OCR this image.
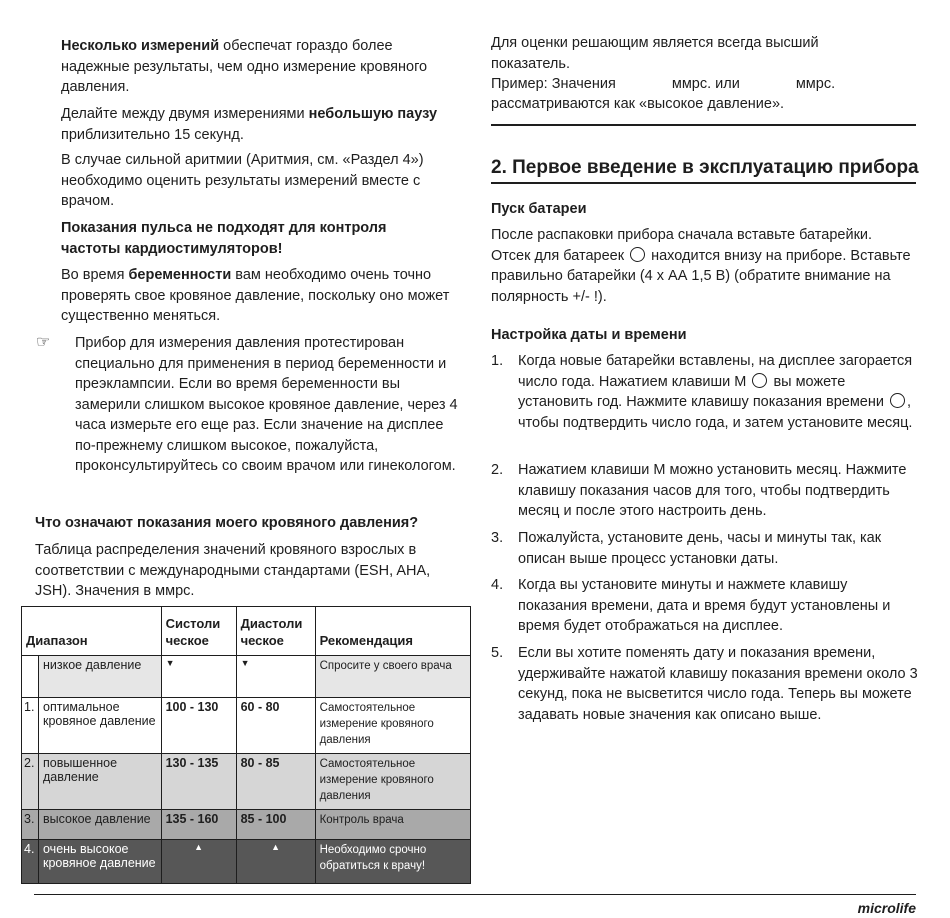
Несколько измерений обеспечат гораздо более надежные результаты, чем одно измерение кровяного давления.

Делайте между двумя измерениями небольшую паузу приблизительно 15 секунд.

В случае сильной аритмии (Аритмия, см. «Раздел 4») необходимо оценить результаты измерений вместе с врачом.

Показания пульса не подходят для контроля частоты кардиостимуляторов!

Во время беременности вам необходимо очень точно проверять свое кровяное давление, поскольку оно может существенно меняться.

☞ Прибор для измерения давления протестирован специально для применения в период беременности и преэклампсии. Если во время беременности вы замерили слишком высокое кровяное давление, через 4 часа измерьте его еще раз. Если значение на дисплее по-прежнему слишком высокое, пожалуйста, проконсультируйтесь со своим врачом или гинекологом.

Что означают показания моего кровяного давления?

Таблица распределения значений кровяного взрослых в соответствии с международными стандартами (ESH, AHA, JSH). Значения в ммрс.

Диапазон		Систоли ческое	Диастоли ческое	Рекомендация
	низкое давление	▼	▼	Спросите у своего врача
1.	оптимальное кровяное давление	100 - 130	60 - 80	Самостоятельное измерение кровяного давления
2.	повышенное давление	130 - 135	80 - 85	Самостоятельное измерение кровяного давления
3.	высокое давление	135 - 160	85 - 100	Контроль врача
4.	очень высокое кровяное давление	▲	▲	Необходимо срочно обратиться к врачу!

Для оценки решающим является всегда высший показатель.

Пример: Значения	ммрс. или	ммрс.

рассматриваются как «высокое давление».

2. Первое введение в эксплуатацию прибора

Пуск батареи

После распаковки прибора сначала вставьте батарейки. Отсек для батареек находится внизу на приборе. Вставьте правильно батарейки (4 x АА 1,5 В) (обратите внимание на полярность +/- !).

Настройка даты и времени

1. Когда новые батарейки вставлены, на дисплее загорается число года. Нажатием клавиши М вы можете установить год. Нажмите клавишу показания времени , чтобы подтвердить число года, и затем установите месяц.
2. Нажатием клавиши М можно установить месяц. Нажмите клавишу показания часов для того, чтобы подтвердить месяц и после этого настроить день.
3. Пожалуйста, установите день, часы и минуты так, как описан выше процесс установки даты.
4. Когда вы установите минуты и нажмете клавишу показания времени, дата и время будут установлены и время будет отображаться на дисплее.
5. Если вы хотите поменять дату и показания времени, удерживайте нажатой клавишу показания времени около 3 секунд, пока не высветится число года. Теперь вы можете задавать новые значения как описано выше.
microlife
